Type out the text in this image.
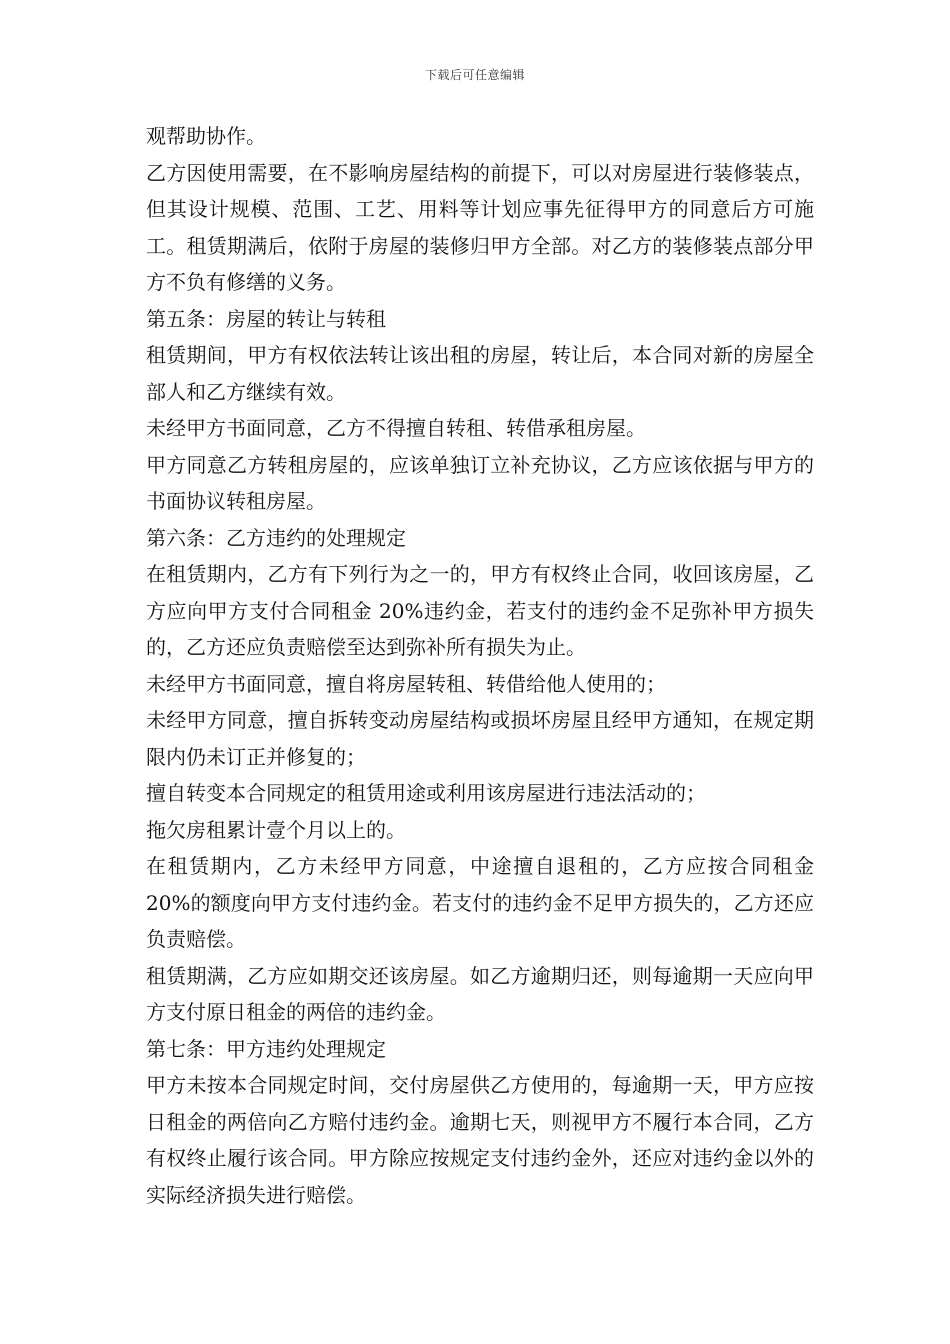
下载后可任意编辑

观帮助协作。

乙方因使用需要，在不影响房屋结构的前提下，可以对房屋进行装修装点，但其设计规模、范围、工艺、用料等计划应事先征得甲方的同意后方可施工。租赁期满后，依附于房屋的装修归甲方全部。对乙方的装修装点部分甲方不负有修缮的义务。

第五条：房屋的转让与转租

租赁期间，甲方有权依法转让该出租的房屋，转让后，本合同对新的房屋全部人和乙方继续有效。

未经甲方书面同意，乙方不得擅自转租、转借承租房屋。

甲方同意乙方转租房屋的，应该单独订立补充协议，乙方应该依据与甲方的书面协议转租房屋。

第六条：乙方违约的处理规定

在租赁期内，乙方有下列行为之一的，甲方有权终止合同，收回该房屋，乙方应向甲方支付合同租金 20%违约金，若支付的违约金不足弥补甲方损失的，乙方还应负责赔偿至达到弥补所有损失为止。

未经甲方书面同意，擅自将房屋转租、转借给他人使用的；

未经甲方同意，擅自拆转变动房屋结构或损坏房屋且经甲方通知，在规定期限内仍未订正并修复的；

擅自转变本合同规定的租赁用途或利用该房屋进行违法活动的；

拖欠房租累计壹个月以上的。

在租赁期内，乙方未经甲方同意，中途擅自退租的，乙方应按合同租金 20%的额度向甲方支付违约金。若支付的违约金不足甲方损失的，乙方还应负责赔偿。

租赁期满，乙方应如期交还该房屋。如乙方逾期归还，则每逾期一天应向甲方支付原日租金的两倍的违约金。

第七条：甲方违约处理规定

甲方未按本合同规定时间，交付房屋供乙方使用的，每逾期一天，甲方应按日租金的两倍向乙方赔付违约金。逾期七天，则视甲方不履行本合同，乙方有权终止履行该合同。甲方除应按规定支付违约金外，还应对违约金以外的实际经济损失进行赔偿。
